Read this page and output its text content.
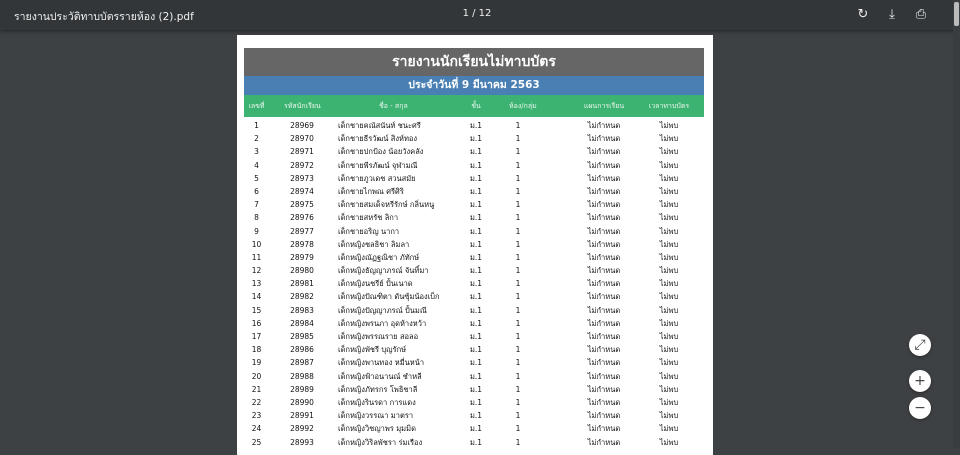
รายงานประวัติทาบบัตรรายห้อง (2).pdf	1 / 12	↻	⤓	⎙
รายงานนักเรียนไม่ทาบบัตร
ประจำวันที่ 9 มีนาคม 2563
เลขที่	รหัสนักเรียน	ชื่อ - สกุล	ชั้น	ห้อง/กลุ่ม	แผนการเรียน	เวลาทาบบัตร
1	28969	เด็กชายคณัสนันท์ ชนะศรี	ม.1	1	ไม่กำหนด	ไม่พบ
2	28970	เด็กชายธีรวัฒน์ สิงห์ทอง	ม.1	1	ไม่กำหนด	ไม่พบ
3	28971	เด็กชายปกป้อง น้อยวังคลัง	ม.1	1	ไม่กำหนด	ไม่พบ
4	28972	เด็กชายพีรภัฒน์ จุฬามณี	ม.1	1	ไม่กำหนด	ไม่พบ
5	28973	เด็กชายภูวเดช สวนสมัย	ม.1	1	ไม่กำหนด	ไม่พบ
6	28974	เด็กชายไกพณ ศรีศิริ	ม.1	1	ไม่กำหนด	ไม่พบ
7	28975	เด็กชายสมเด็จหรีรักษ์ กลิ่นหนู	ม.1	1	ไม่กำหนด	ไม่พบ
8	28976	เด็กชายสหรัช ลิกา	ม.1	1	ไม่กำหนด	ไม่พบ
9	28977	เด็กชายอริญ นากา	ม.1	1	ไม่กำหนด	ไม่พบ
10	28978	เด็กหญิงชลธิชา ลิมลา	ม.1	1	ไม่กำหนด	ไม่พบ
11	28979	เด็กหญิงณัฏฐณิชา ภัทักษ์	ม.1	1	ไม่กำหนด	ไม่พบ
12	28980	เด็กหญิงธัญญาภรณ์ จันทิ์มา	ม.1	1	ไม่กำหนด	ไม่พบ
13	28981	เด็กหญิงนชรีย์ ปั้นเนาด	ม.1	1	ไม่กำหนด	ไม่พบ
14	28982	เด็กหญิงปัณฑิตา ดันซุ้มน้องเบ็ก	ม.1	1	ไม่กำหนด	ไม่พบ
15	28983	เด็กหญิงปัญญาภรณ์ ปั้นมณี	ม.1	1	ไม่กำหนด	ไม่พบ
16	28984	เด็กหญิงพรนภา อุดห้างหว้า	ม.1	1	ไม่กำหนด	ไม่พบ
17	28985	เด็กหญิงพรรณราย สอลอ	ม.1	1	ไม่กำหนด	ไม่พบ
18	28986	เด็กหญิงพัชรี บุญรักษ์	ม.1	1	ไม่กำหนด	ไม่พบ
19	28987	เด็กหญิงพานทอง หมื่นหน้า	ม.1	1	ไม่กำหนด	ไม่พบ
20	28988	เด็กหญิงฟ้าอนานณ์ ชำหลี	ม.1	1	ไม่กำหนด	ไม่พบ
21	28989	เด็กหญิงภัทรกร โพธิชาลี	ม.1	1	ไม่กำหนด	ไม่พบ
22	28990	เด็กหญิงรินรดา การแดง	ม.1	1	ไม่กำหนด	ไม่พบ
23	28991	เด็กหญิงวรรณา มาตรา	ม.1	1	ไม่กำหนด	ไม่พบ
24	28992	เด็กหญิงวิชญาพร มุมมิด	ม.1	1	ไม่กำหนด	ไม่พบ
25	28993	เด็กหญิงวิริลพัชรา ร่มเรือง	ม.1	1	ไม่กำหนด	ไม่พบ
⤢
+
−
